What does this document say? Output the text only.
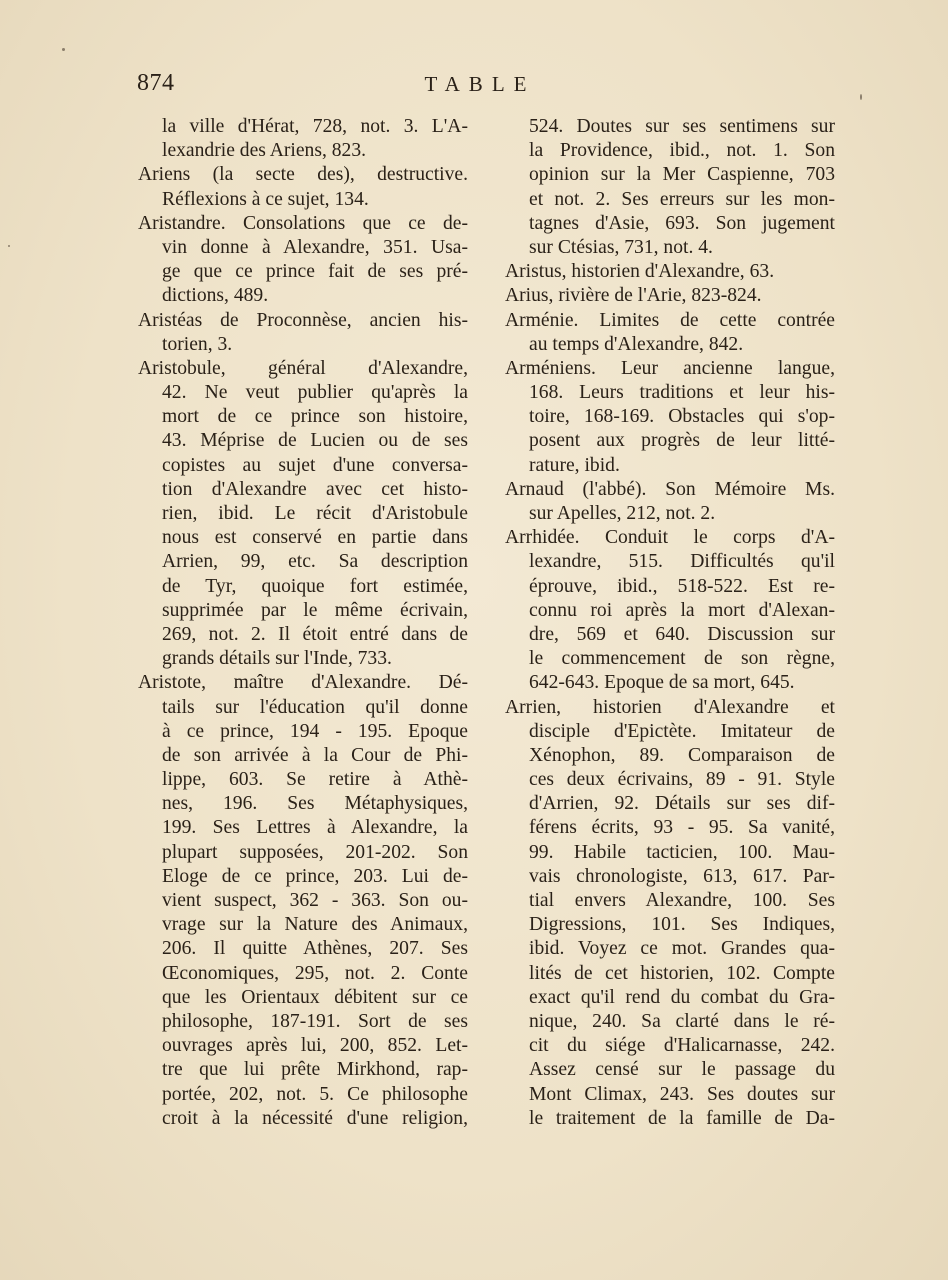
874	TABLE
la ville d'Hérat, 728, not. 3. L'A-
lexandrie des Ariens, 823.
Ariens (la secte des), destructive.
Réflexions à ce sujet, 134.
Aristandre. Consolations que ce de-
vin donne à Alexandre, 351. Usa-
ge que ce prince fait de ses pré-
dictions, 489.
Aristéas de Proconnèse, ancien his-
torien, 3.
Aristobule, général d'Alexandre,
42. Ne veut publier qu'après la
mort de ce prince son histoire,
43. Méprise de Lucien ou de ses
copistes au sujet d'une conversa-
tion d'Alexandre avec cet histo-
rien, ibid. Le récit d'Aristobule
nous est conservé en partie dans
Arrien, 99, etc. Sa description
de Tyr, quoique fort estimée,
supprimée par le même écrivain,
269, not. 2. Il étoit entré dans de
grands détails sur l'Inde, 733.
Aristote, maître d'Alexandre. Dé-
tails sur l'éducation qu'il donne
à ce prince, 194 - 195. Epoque
de son arrivée à la Cour de Phi-
lippe, 603. Se retire à Athè-
nes, 196. Ses Métaphysiques,
199. Ses Lettres à Alexandre, la
plupart supposées, 201-202. Son
Eloge de ce prince, 203. Lui de-
vient suspect, 362 - 363. Son ou-
vrage sur la Nature des Animaux,
206. Il quitte Athènes, 207. Ses
Œconomiques, 295, not. 2. Conte
que les Orientaux débitent sur ce
philosophe, 187-191. Sort de ses
ouvrages après lui, 200, 852. Let-
tre que lui prête Mirkhond, rap-
portée, 202, not. 5. Ce philosophe
croit à la nécessité d'une religion,
524. Doutes sur ses sentimens sur
la Providence, ibid., not. 1. Son
opinion sur la Mer Caspienne, 703
et not. 2. Ses erreurs sur les mon-
tagnes d'Asie, 693. Son jugement
sur Ctésias, 731, not. 4.
Aristus, historien d'Alexandre, 63.
Arius, rivière de l'Arie, 823-824.
Arménie. Limites de cette contrée
au temps d'Alexandre, 842.
Arméniens. Leur ancienne langue,
168. Leurs traditions et leur his-
toire, 168-169. Obstacles qui s'op-
posent aux progrès de leur litté-
rature, ibid.
Arnaud (l'abbé). Son Mémoire Ms.
sur Apelles, 212, not. 2.
Arrhidée. Conduit le corps d'A-
lexandre, 515. Difficultés qu'il
éprouve, ibid., 518-522. Est re-
connu roi après la mort d'Alexan-
dre, 569 et 640. Discussion sur
le commencement de son règne,
642-643. Epoque de sa mort, 645.
Arrien, historien d'Alexandre et
disciple d'Epictète. Imitateur de
Xénophon, 89. Comparaison de
ces deux écrivains, 89 - 91. Style
d'Arrien, 92. Détails sur ses dif-
férens écrits, 93 - 95. Sa vanité,
99. Habile tacticien, 100. Mau-
vais chronologiste, 613, 617. Par-
tial envers Alexandre, 100. Ses
Digressions, 101. Ses Indiques,
ibid. Voyez ce mot. Grandes qua-
lités de cet historien, 102. Compte
exact qu'il rend du combat du Gra-
nique, 240. Sa clarté dans le ré-
cit du siége d'Halicarnasse, 242.
Assez censé sur le passage du
Mont Climax, 243. Ses doutes sur
le traitement de la famille de Da-
